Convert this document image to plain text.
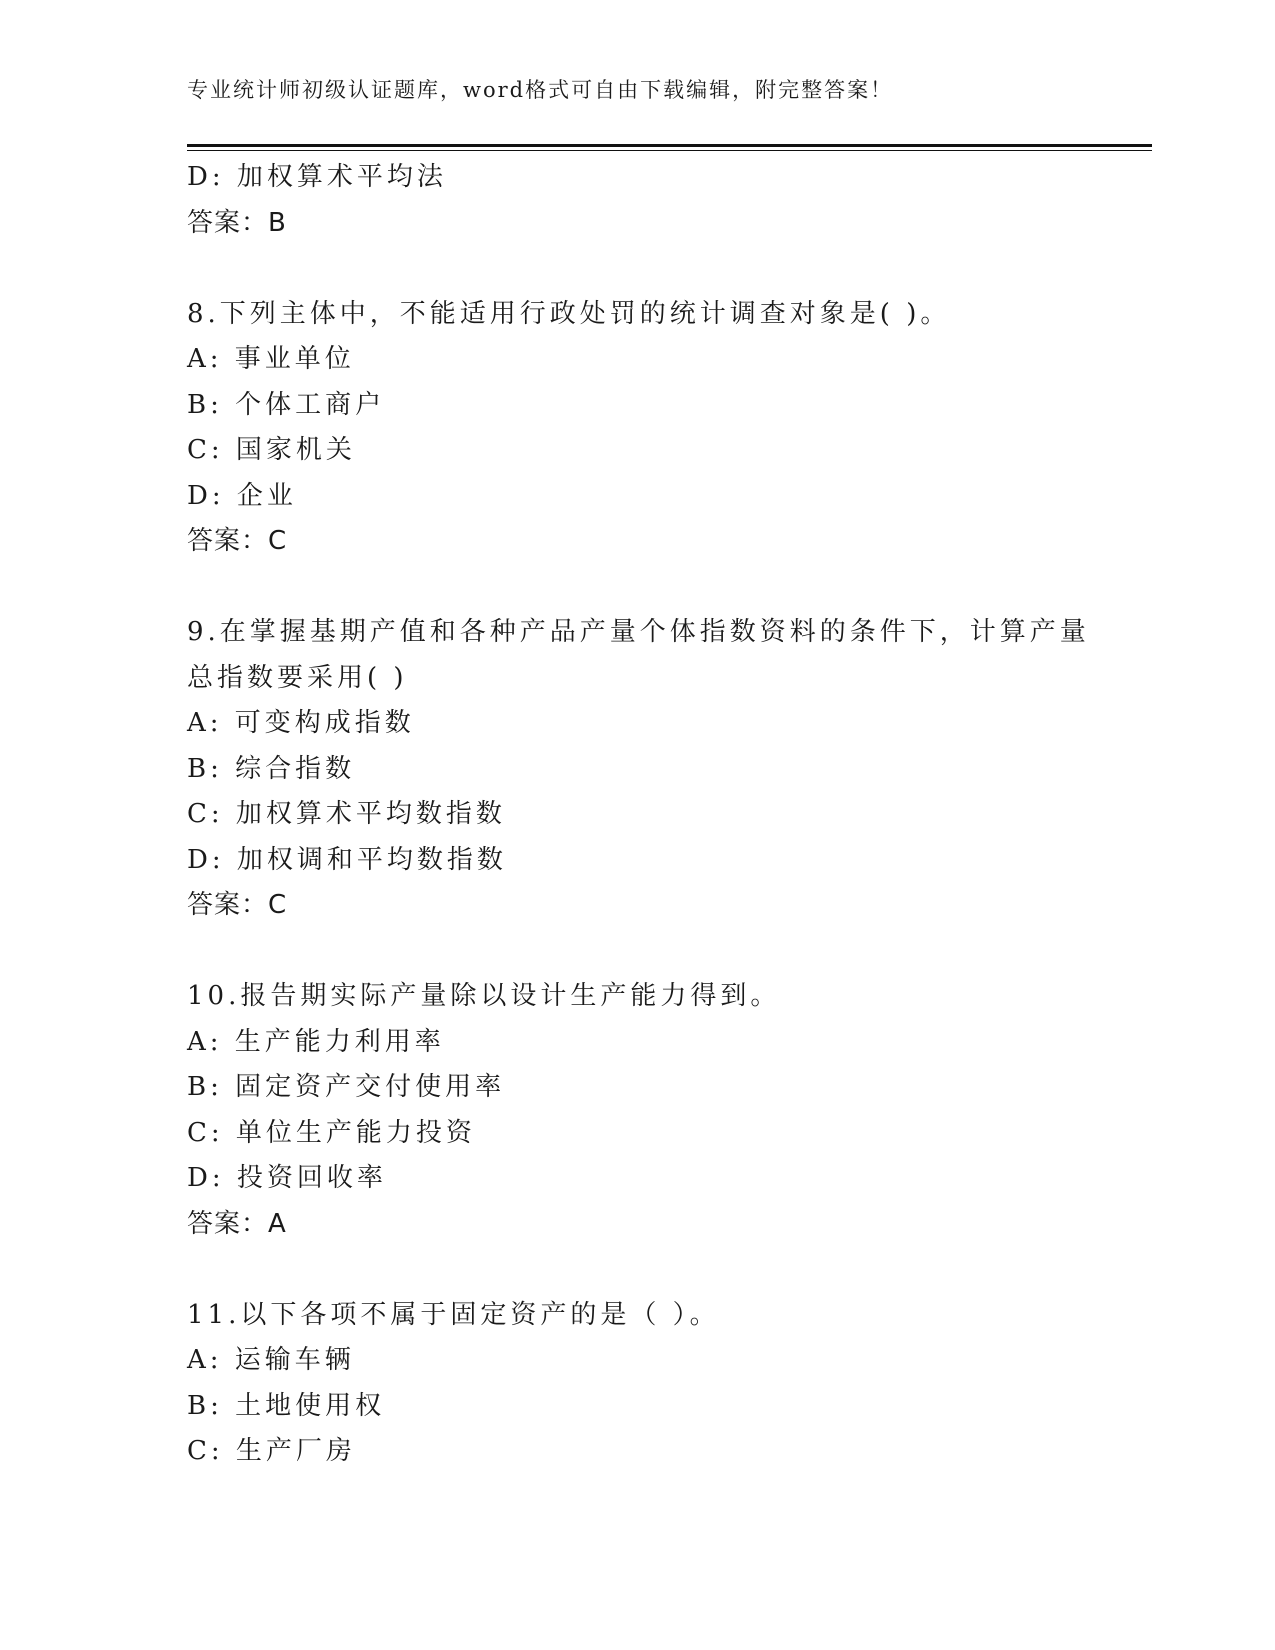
专业统计师初级认证题库，word格式可自由下载编辑，附完整答案！
D: 加权算术平均法
答案：B
8.下列主体中，不能适用行政处罚的统计调查对象是( )。
A: 事业单位
B: 个体工商户
C: 国家机关
D: 企业
答案：C
9.在掌握基期产值和各种产品产量个体指数资料的条件下，计算产量
总指数要采用( )
A: 可变构成指数
B: 综合指数
C: 加权算术平均数指数
D: 加权调和平均数指数
答案：C
10.报告期实际产量除以设计生产能力得到。
A: 生产能力利用率
B: 固定资产交付使用率
C: 单位生产能力投资
D: 投资回收率
答案：A
11.以下各项不属于固定资产的是（ ）。
A: 运输车辆
B: 土地使用权
C: 生产厂房
